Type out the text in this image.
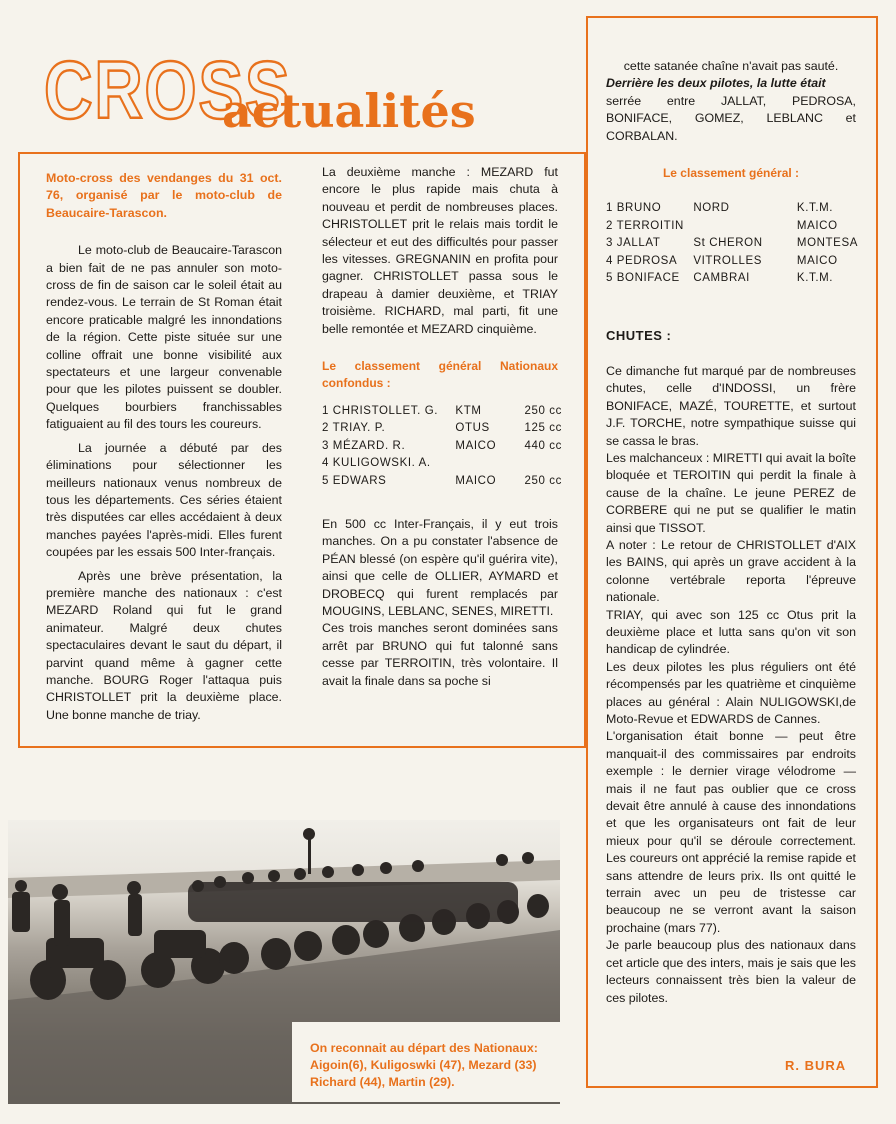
CROSS
actualités

Moto-cross des vendanges du 31 oct. 76, organisé par le moto-club de Beaucaire-Tarascon.

Le moto-club de Beaucaire-Tarascon a bien fait de ne pas annuler son moto-cross de fin de saison car le soleil était au rendez-vous. Le terrain de St Roman était encore praticable malgré les innondations de la région. Cette piste située sur une colline offrait une bonne visibilité aux spectateurs et une largeur convenable pour que les pilotes puissent se doubler. Quelques bourbiers franchissables fatiguaient au fil des tours les coureurs.

La journée a débuté par des éliminations pour sélectionner les meilleurs nationaux venus nombreux de tous les départements. Ces séries étaient très disputées car elles accédaient à deux manches payées l'après-midi. Elles furent coupées par les essais 500 Inter-français.

Après une brève présentation, la première manche des nationaux : c'est MEZARD Roland qui fut le grand animateur. Malgré deux chutes spectaculaires devant le saut du départ, il parvint quand même à gagner cette manche. BOURG Roger l'attaqua puis CHRISTOLLET prit la deuxième place. Une bonne manche de triay.

La deuxième manche : MEZARD fut encore le plus rapide mais chuta à nouveau et perdit de nombreuses places. CHRISTOLLET prit le relais mais tordit le sélecteur et eut des difficultés pour passer les vitesses. GREGNANIN en profita pour gagner. CHRISTOLLET passa sous le drapeau à damier deuxième, et TRIAY troisième. RICHARD, mal parti, fit une belle remontée et MEZARD cinquième.

Le classement général Nationaux confondus :

1 CHRISTOLLET. G.	KTM	250 cc
2 TRIAY. P.	OTUS	125 cc
3 MÉZARD. R.	MAICO	440 cc
4 KULIGOWSKI. A.		
5 EDWARS	MAICO	250 cc

En 500 cc Inter-Français, il y eut trois manches. On a pu constater l'absence de PÉAN blessé (on espère qu'il guérira vite), ainsi que celle de OLLIER, AYMARD et DROBECQ qui furent remplacés par MOUGINS, LEBLANC, SENES, MIRETTI.

Ces trois manches seront dominées sans arrêt par BRUNO qui fut talonné sans cesse par TERROITIN, très volontaire. Il avait la finale dans sa poche si

cette satanée chaîne n'avait pas sauté.

Derrière les deux pilotes, la lutte était

serrée entre JALLAT, PEDROSA, BONIFACE, GOMEZ, LEBLANC et CORBALAN.

Le classement général :

1 BRUNO	NORD	K.T.M.
2 TERROITIN		MAICO
3 JALLAT	St CHERON	MONTESA
4 PEDROSA	VITROLLES	MAICO
5 BONIFACE	CAMBRAI	K.T.M.

CHUTES :

Ce dimanche fut marqué par de nombreuses chutes, celle d'INDOSSI, un frère BONIFACE, MAZÉ, TOURETTE, et surtout J.F. TORCHE, notre sympathique suisse qui se cassa le bras.

Les malchanceux : MIRETTI qui avait la boîte bloquée et TEROITIN qui perdit la finale à cause de la chaîne. Le jeune PEREZ de CORBERE qui ne put se qualifier le matin ainsi que TISSOT.

A noter : Le retour de CHRISTOLLET d'AIX les BAINS, qui après un grave accident à la colonne vertébrale reporta l'épreuve nationale.

TRIAY, qui avec son 125 cc Otus prit la deuxième place et lutta sans qu'on vit son handicap de cylindrée.

Les deux pilotes les plus réguliers ont été récompensés par les quatrième et cinquième places au général : Alain NULIGOWSKI,de Moto-Revue et EDWARDS de Cannes.

L'organisation était bonne — peut être manquait-il des commissaires par endroits exemple : le dernier virage vélodrome — mais il ne faut pas oublier que ce cross devait être annulé à cause des innondations et que les organisateurs ont fait de leur mieux pour qu'il se déroule correctement. Les coureurs ont apprécié la remise rapide et sans attendre de leurs prix. Ils ont quitté le terrain avec un peu de tristesse car beaucoup ne se verront avant la saison prochaine (mars 77).

Je parle beaucoup plus des nationaux dans cet article que des inters, mais je sais que les lecteurs connaissent très bien la valeur de ces pilotes.

R. BURA
On reconnait au départ des Nationaux:
Aigoin(6), Kuligoswki (47), Mezard (33)
Richard (44), Martin (29).
